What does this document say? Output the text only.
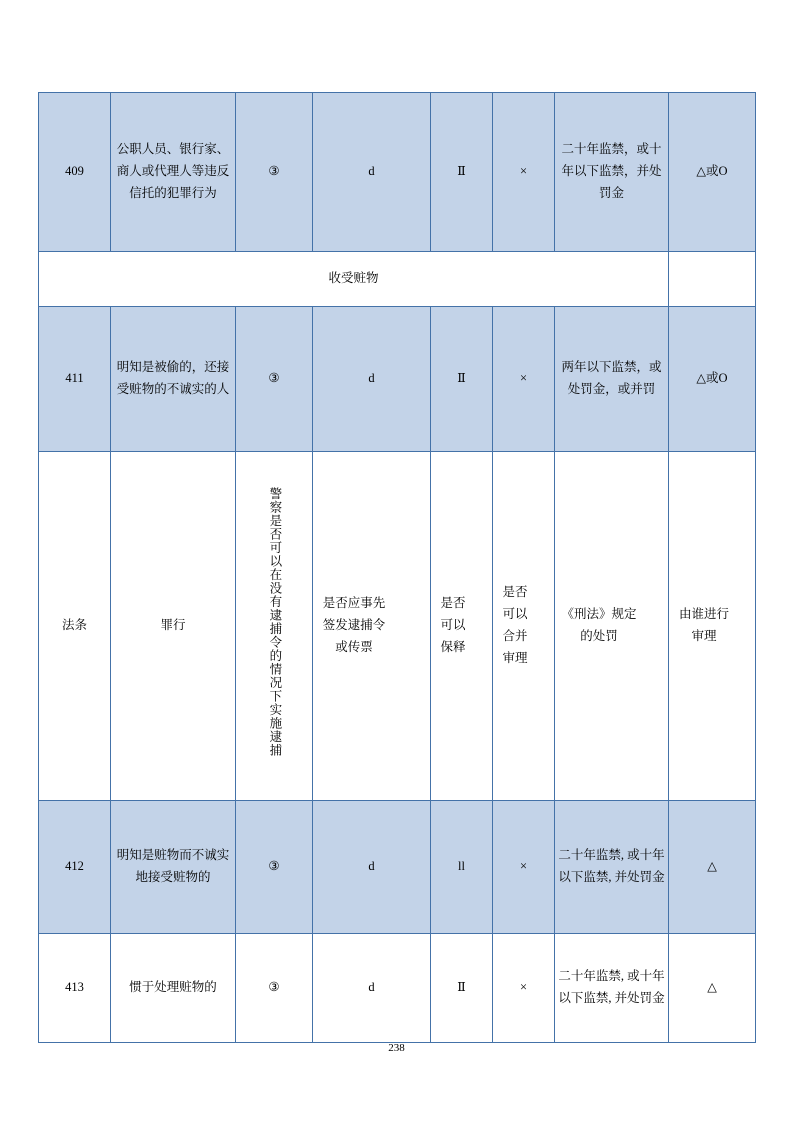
409	公职人员、银行家、商人或代理人等违反信托的犯罪行为	③	d	Ⅱ	×	二十年监禁，或十年以下监禁，并处罚金	△或O
收受赃物							
411	明知是被偷的，还接受赃物的不诚实的人	③	d	Ⅱ	×	两年以下监禁，或处罚金，或并罚	△或O
法条	罪行	警察是否可以在没有逮捕令的情况下实施逮捕	是否应事先签发逮捕令或传票	是否可以保释	是否可以合并审理	《刑法》规定的处罚	由谁进行审理

412	明知是赃物而不诚实地接受赃物的	③	d	ll	×	二十年监禁, 或十年以下监禁, 并处罚金	△
413	惯于处理赃物的	③	d	Ⅱ	×	二十年监禁, 或十年以下监禁, 并处罚金	△
238
